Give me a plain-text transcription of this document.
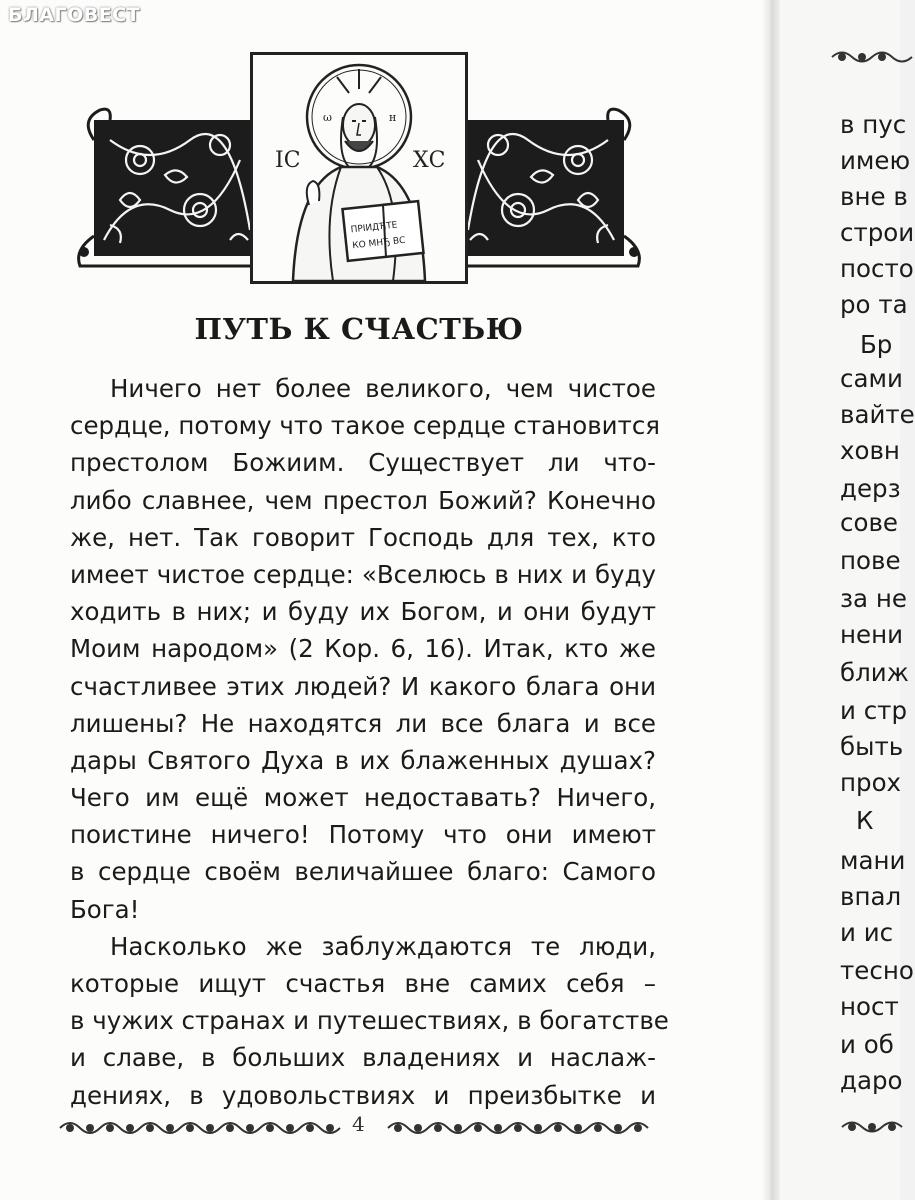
в пус
имею
вне в
строи
посто
ро та
Бр
сами
вайте
ховн
дерз
сове
пове
за не
нени
ближ
и стр
быть
прох
К
мани
впал
и ис
тесно
ност
и об
даро
БЛАГОВЕСТ
ω	н
ПРІИДЂТЕ
КО МНЂ ВС
ІС	ХС
ПУТЬ К СЧАСТЬЮ
Ничего нет более великого, чем чистое
сердце, потому что такое сердце становится
престолом Божиим. Существует ли что-
либо славнее, чем престол Божий? Конечно
же, нет. Так говорит Господь для тех, кто
имеет чистое сердце: «Вселюсь в них и буду
ходить в них; и буду их Богом, и они будут
Моим народом» (2 Кор. 6, 16). Итак, кто же
счастливее этих людей? И какого блага они
лишены? Не находятся ли все блага и все
дары Святого Духа в их блаженных душах?
Чего им ещё может недоставать? Ничего,
поистине ничего! Потому что они имеют
в сердце своём величайшее благо: Самого
Бога!
Насколько же заблуждаются те люди,
которые ищут счастья вне самих себя –
в чужих странах и путешествиях, в богатстве
и славе, в больших владениях и наслаж-
дениях, в удовольствиях и преизбытке и
4
